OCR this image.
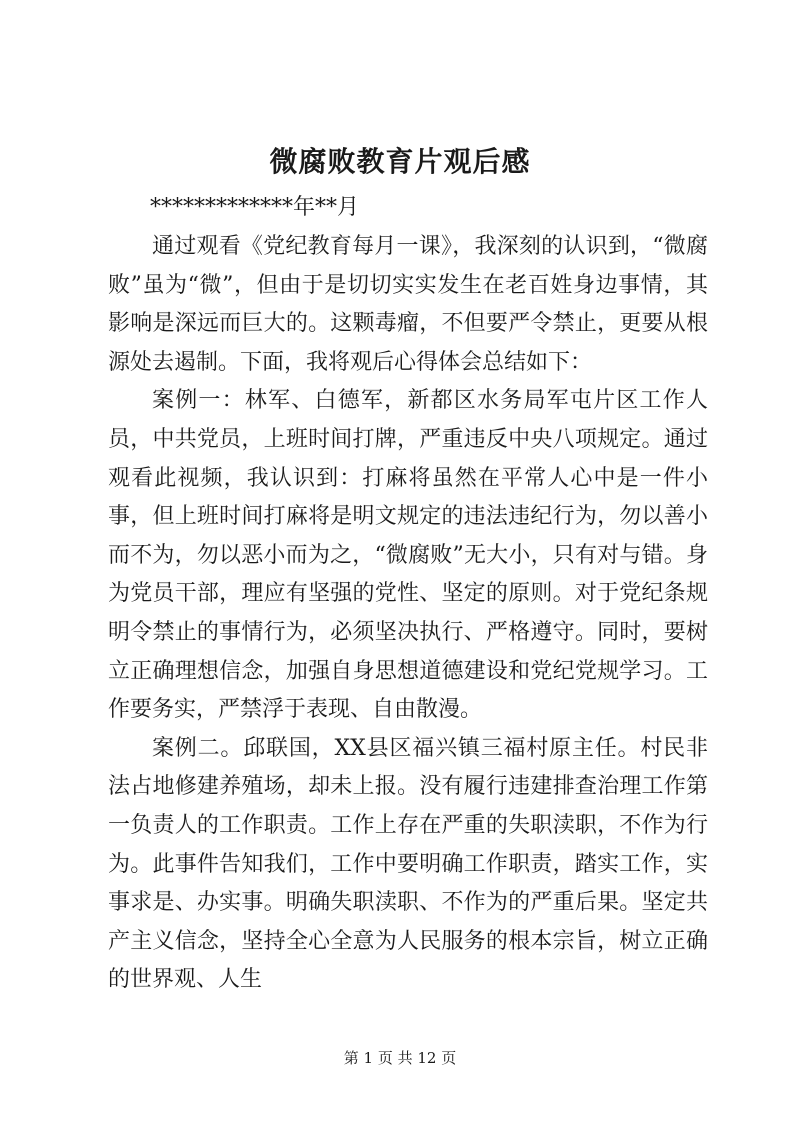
微腐败教育片观后感
*************年**月

通过观看《党纪教育每月一课》，我深刻的认识到，“微腐败”虽为“微”，但由于是切切实实发生在老百姓身边事情，其影响是深远而巨大的。这颗毒瘤，不但要严令禁止，更要从根源处去遏制。下面，我将观后心得体会总结如下：

案例一：林军、白德军，新都区水务局军屯片区工作人员，中共党员，上班时间打牌，严重违反中央八项规定。通过观看此视频，我认识到：打麻将虽然在平常人心中是一件小事，但上班时间打麻将是明文规定的违法违纪行为，勿以善小而不为，勿以恶小而为之，“微腐败”无大小，只有对与错。身为党员干部，理应有坚强的党性、坚定的原则。对于党纪条规明令禁止的事情行为，必须坚决执行、严格遵守。同时，要树立正确理想信念，加强自身思想道德建设和党纪党规学习。工作要务实，严禁浮于表现、自由散漫。

案例二。邱联国，XX县区福兴镇三福村原主任。村民非法占地修建养殖场，却未上报。没有履行违建排查治理工作第一负责人的工作职责。工作上存在严重的失职渎职，不作为行为。此事件告知我们，工作中要明确工作职责，踏实工作，实事求是、办实事。明确失职渎职、不作为的严重后果。坚定共产主义信念，坚持全心全意为人民服务的根本宗旨，树立正确的世界观、人生

第 1 页 共 12 页
